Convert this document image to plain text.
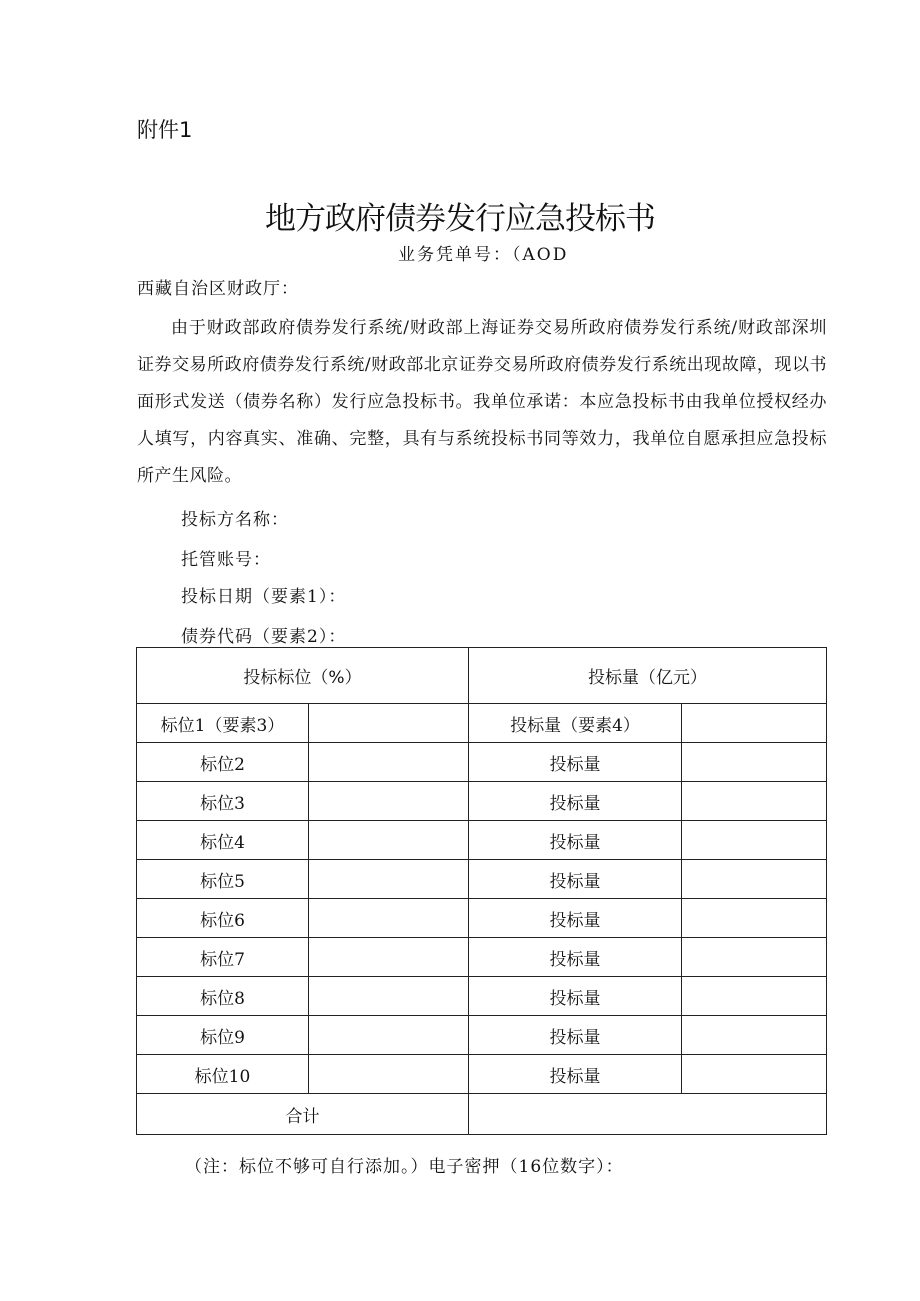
附件1
地方政府债券发行应急投标书
业务凭单号：（AOD
西藏自治区财政厅：
由于财政部政府债券发行系统/财政部上海证券交易所政府债券发行系统/财政部深圳证券交易所政府债券发行系统/财政部北京证券交易所政府债券发行系统出现故障，现以书面形式发送（债券名称）发行应急投标书。我单位承诺：本应急投标书由我单位授权经办人填写，内容真实、准确、完整，具有与系统投标书同等效力，我单位自愿承担应急投标所产生风险。
投标方名称：
托管账号：
投标日期（要素1）：
债券代码（要素2）：
投标标位（%）		投标量（亿元）	
标位1（要素3）		投标量（要素4）	
标位2		投标量	
标位3		投标量	
标位4		投标量	
标位5		投标量	
标位6		投标量	
标位7		投标量	
标位8		投标量	
标位9		投标量	
标位10		投标量	
合计			
（注：标位不够可自行添加。）电子密押（16位数字）：
